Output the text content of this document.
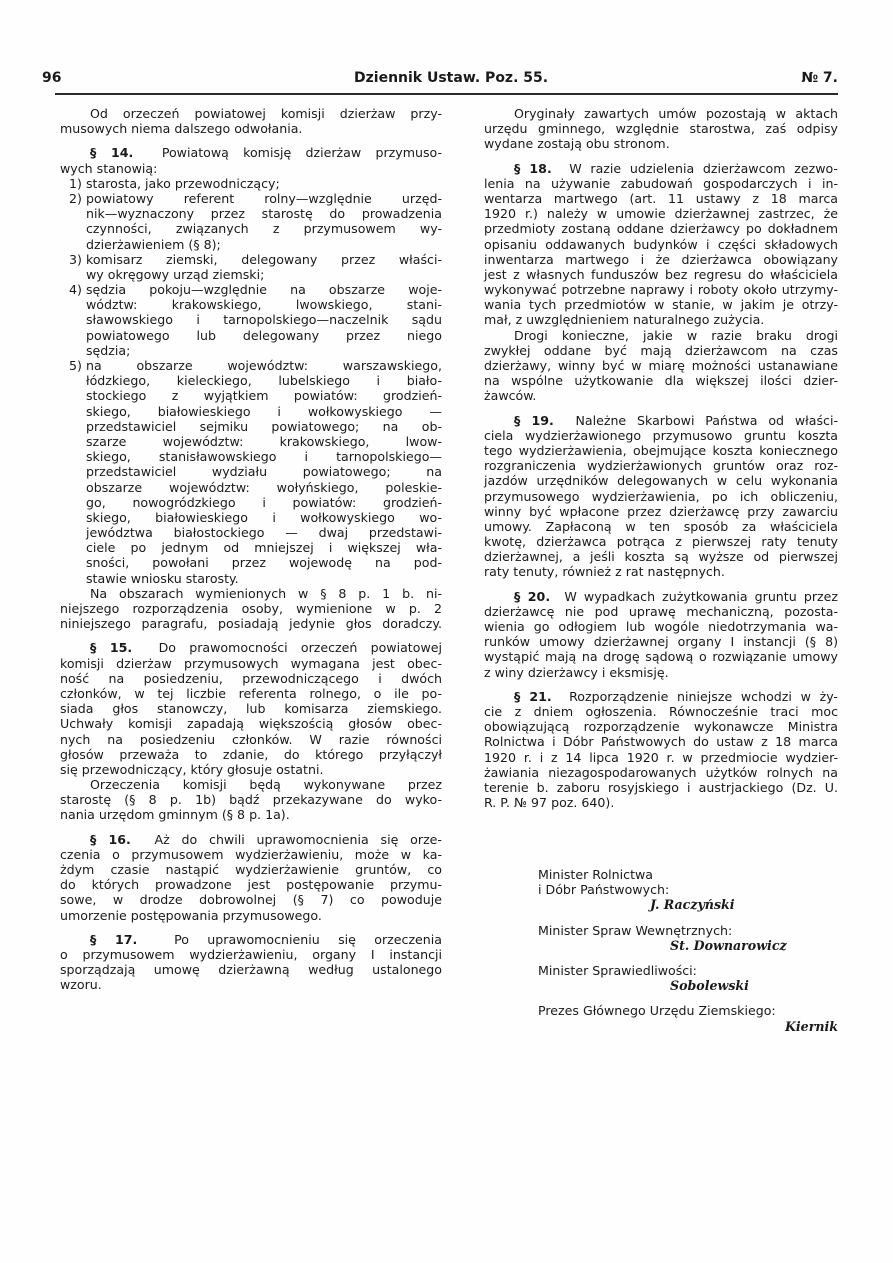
96	Dziennik Ustaw. Poz. 55.	№ 7.
Od orzeczeń powiatowej komisji dzierżaw przy-
musowych niema dalszego odwołania.
§ 14. Powiatową komisję dzierżaw przymuso-
wych stanowią:
1) starosta, jako przewodniczący;
2) powiatowy referent rolny—względnie urzęd-
nik—wyznaczony przez starostę do prowadzenia
czynności, związanych z przymusowem wy-
dzierżawieniem (§ 8);
3) komisarz ziemski, delegowany przez właści-
wy okręgowy urząd ziemski;
4) sędzia pokoju—względnie na obszarze woje-
wództw: krakowskiego, lwowskiego, stani-
sławowskiego i tarnopolskiego—naczelnik sądu
powiatowego lub delegowany przez niego
sędzia;
5) na obszarze województw: warszawskiego,
łódzkiego, kieleckiego, lubelskiego i biało-
stockiego z wyjątkiem powiatów: grodzień-
skiego, białowieskiego i wołkowyskiego —
przedstawiciel sejmiku powiatowego; na ob-
szarze województw: krakowskiego, lwow-
skiego, stanisławowskiego i tarnopolskiego—
przedstawiciel wydziału powiatowego; na
obszarze województw: wołyńskiego, poleskie-
go, nowogródzkiego i powiatów: grodzień-
skiego, białowieskiego i wołkowyskiego wo-
jewództwa białostockiego — dwaj przedstawi-
ciele po jednym od mniejszej i większej wła-
sności, powołani przez wojewodę na pod-
stawie wniosku starosty.
Na obszarach wymienionych w § 8 p. 1 b. ni-
niejszego rozporządzenia osoby, wymienione w p. 2
niniejszego paragrafu, posiadają jedynie głos doradczy.
§ 15. Do prawomocności orzeczeń powiatowej
komisji dzierżaw przymusowych wymagana jest obec-
ność na posiedzeniu, przewodniczącego i dwóch
członków, w tej liczbie referenta rolnego, o ile po-
siada głos stanowczy, lub komisarza ziemskiego.
Uchwały komisji zapadają większością głosów obec-
nych na posiedzeniu członków. W razie równości
głosów przeważa to zdanie, do którego przyłączył
się przewodniczący, który głosuje ostatni.
Orzeczenia komisji będą wykonywane przez
starostę (§ 8 p. 1b) bądź przekazywane do wyko-
nania urzędom gminnym (§ 8 p. 1a).
§ 16. Aż do chwili uprawomocnienia się orze-
czenia o przymusowem wydzierżawieniu, może w ka-
żdym czasie nastąpić wydzierżawienie gruntów, co
do których prowadzone jest postępowanie przymu-
sowe, w drodze dobrowolnej (§ 7) co powoduje
umorzenie postępowania przymusowego.
§ 17.	Po uprawomocnieniu się orzeczenia
o przymusowem wydzierżawieniu, organy I instancji
sporządzają umowę dzierżawną według ustalonego
wzoru.
Oryginały zawartych umów pozostają w aktach
urzędu gminnego, względnie starostwa, zaś odpisy
wydane zostają obu stronom.
§ 18. W razie udzielenia dzierżawcom zezwo-
lenia na używanie zabudowań gospodarczych i in-
wentarza martwego (art. 11 ustawy z 18 marca
1920 r.) należy w umowie dzierżawnej zastrzec, że
przedmioty zostaną oddane dzierżawcy po dokładnem
opisaniu oddawanych budynków i części składowych
inwentarza martwego i że dzierżawca obowiązany
jest z własnych funduszów bez regresu do właściciela
wykonywać potrzebne naprawy i roboty około utrzymy-
wania tych przedmiotów w stanie, w jakim je otrzy-
mał, z uwzględnieniem naturalnego zużycia.
Drogi konieczne, jakie w razie braku drogi
zwykłej oddane być mają dzierżawcom na czas
dzierżawy, winny być w miarę możności ustanawiane
na wspólne użytkowanie dla większej ilości dzier-
żawców.
§ 19. Należne Skarbowi Państwa od właści-
ciela wydzierżawionego przymusowo gruntu koszta
tego wydzierżawienia, obejmujące koszta koniecznego
rozgraniczenia wydzierżawionych gruntów oraz roz-
jazdów urzędników delegowanych w celu wykonania
przymusowego wydzierżawienia, po ich obliczeniu,
winny być wpłacone przez dzierżawcę przy zawarciu
umowy. Zapłaconą w ten sposób za właściciela
kwotę, dzierżawca potrąca z pierwszej raty tenuty
dzierżawnej, a jeśli koszta są wyższe od pierwszej
raty tenuty, również z rat następnych.
§ 20. W wypadkach zużytkowania gruntu przez
dzierżawcę nie pod uprawę mechaniczną, pozosta-
wienia go odłogiem lub wogóle niedotrzymania wa-
runków umowy dzierżawnej organy I instancji (§ 8)
wystąpić mają na drogę sądową o rozwiązanie umowy
z winy dzierżawcy i eksmisję.
§ 21. Rozporządzenie niniejsze wchodzi w ży-
cie z dniem ogłoszenia. Równocześnie traci moc
obowiązującą rozporządzenie wykonawcze Ministra
Rolnictwa i Dóbr Państwowych do ustaw z 18 marca
1920 r. i z 14 lipca 1920 r. w przedmiocie wydzier-
żawiania niezagospodarowanych użytków rolnych na
terenie b. zaboru rosyjskiego i austrjackiego (Dz. U.
R. P. № 97 poz. 640).
Minister Rolnictwa
i Dóbr Państwowych:
J. Raczyński
Minister Spraw Wewnętrznych:
St. Downarowicz
Minister Sprawiedliwości:
Sobolewski
Prezes Głównego Urzędu Ziemskiego:
Kiernik
